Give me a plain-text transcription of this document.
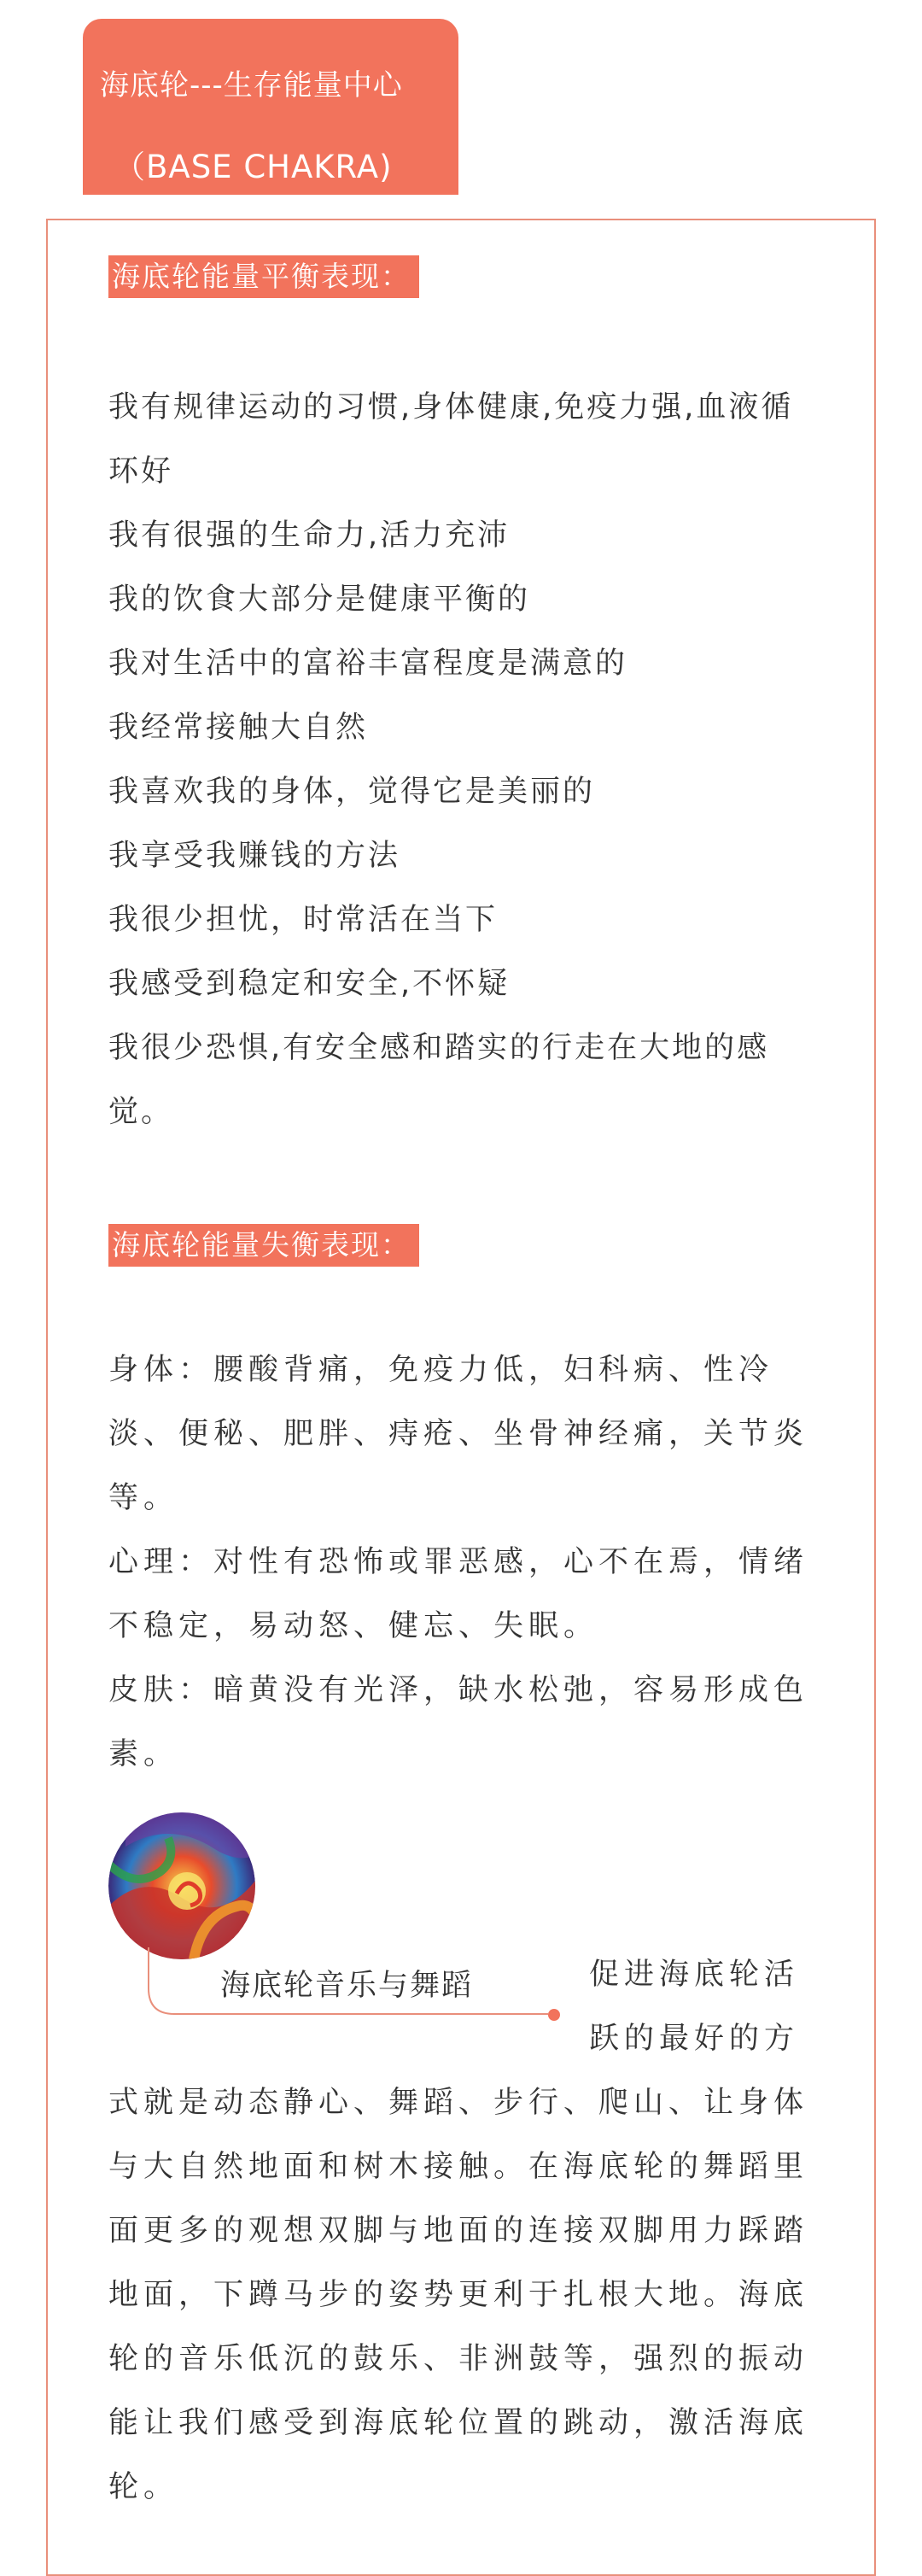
海底轮---生存能量中心
（BASE CHAKRA)
海底轮能量平衡表现：

我有规律运动的习惯,身体健康,免疫力强,血液循环好

我有很强的生命力,活力充沛

我的饮食大部分是健康平衡的

我对生活中的富裕丰富程度是满意的

我经常接触大自然

我喜欢我的身体，觉得它是美丽的

我享受我赚钱的方法

我很少担忧，时常活在当下

我感受到稳定和安全,不怀疑

我很少恐惧,有安全感和踏实的行走在大地的感觉。

海底轮能量失衡表现：

身体：腰酸背痛，免疫力低，妇科病、性冷淡、便秘、肥胖、痔疮、坐骨神经痛，关节炎等。

心理：对性有恐怖或罪恶感，心不在焉，情绪不稳定，易动怒、健忘、失眠。

皮肤：暗黄没有光泽，缺水松弛，容易形成色素。

海底轮音乐与舞蹈	促进海底轮活

跃的最好的方

式就是动态静心、舞蹈、步行、爬山、让身体与大自然地面和树木接触。在海底轮的舞蹈里面更多的观想双脚与地面的连接双脚用力踩踏地面，下蹲马步的姿势更利于扎根大地。海底轮的音乐低沉的鼓乐、非洲鼓等，强烈的振动能让我们感受到海底轮位置的跳动，激活海底轮。
